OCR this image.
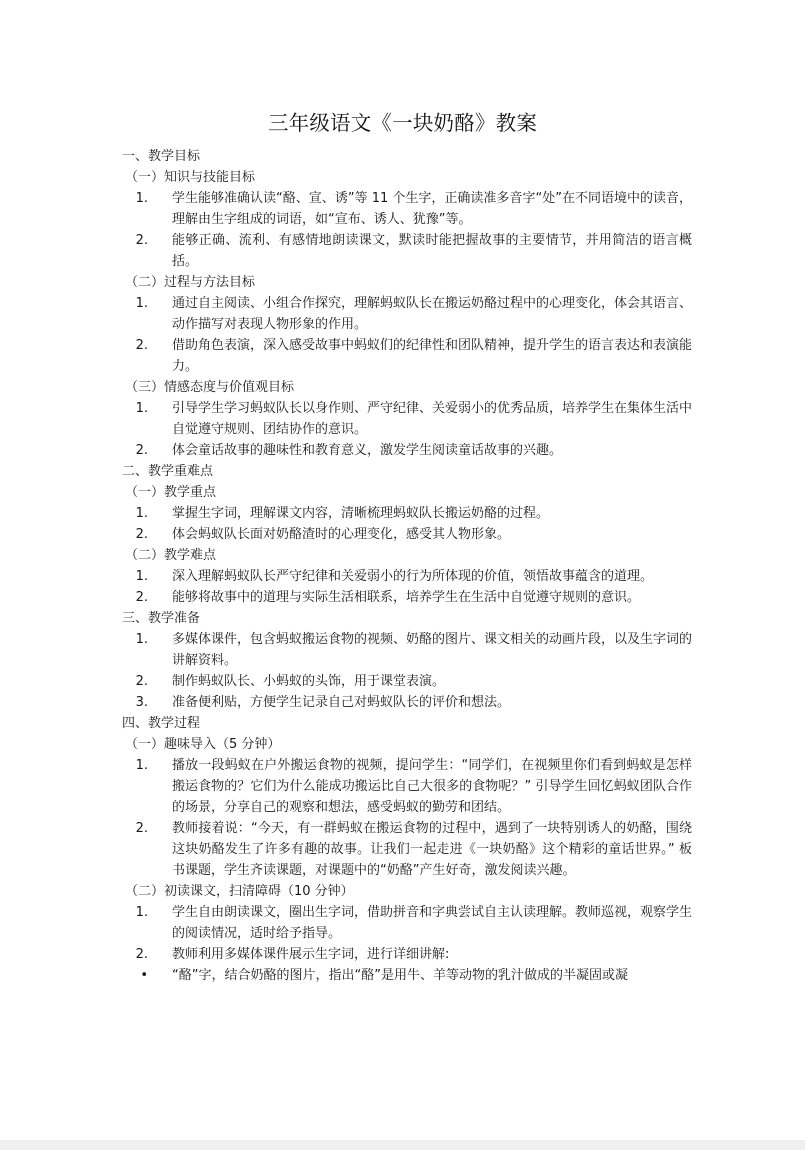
三年级语文《一块奶酪》教案
一、教学目标
（一）知识与技能目标
1.	学生能够准确认读“酪、宣、诱”等 11 个生字，正确读准多音字“处”在不同语境中的读音，理解由生字组成的词语，如“宣布、诱人、犹豫”等。
2.	能够正确、流利、有感情地朗读课文，默读时能把握故事的主要情节，并用简洁的语言概括。
（二）过程与方法目标
1.	通过自主阅读、小组合作探究，理解蚂蚁队长在搬运奶酪过程中的心理变化，体会其语言、动作描写对表现人物形象的作用。
2.	借助角色表演，深入感受故事中蚂蚁们的纪律性和团队精神，提升学生的语言表达和表演能力。
（三）情感态度与价值观目标
1.	引导学生学习蚂蚁队长以身作则、严守纪律、关爱弱小的优秀品质，培养学生在集体生活中自觉遵守规则、团结协作的意识。
2.	体会童话故事的趣味性和教育意义，激发学生阅读童话故事的兴趣。
二、教学重难点
（一）教学重点
1.	掌握生字词，理解课文内容，清晰梳理蚂蚁队长搬运奶酪的过程。
2.	体会蚂蚁队长面对奶酪渣时的心理变化，感受其人物形象。
（二）教学难点
1.	深入理解蚂蚁队长严守纪律和关爱弱小的行为所体现的价值，领悟故事蕴含的道理。
2.	能够将故事中的道理与实际生活相联系，培养学生在生活中自觉遵守规则的意识。
三、教学准备
1.	多媒体课件，包含蚂蚁搬运食物的视频、奶酪的图片、课文相关的动画片段，以及生字词的讲解资料。
2.	制作蚂蚁队长、小蚂蚁的头饰，用于课堂表演。
3.	准备便利贴，方便学生记录自己对蚂蚁队长的评价和想法。
四、教学过程
（一）趣味导入（5 分钟）
1.	播放一段蚂蚁在户外搬运食物的视频，提问学生：“同学们，在视频里你们看到蚂蚁是怎样搬运食物的？它们为什么能成功搬运比自己大很多的食物呢？” 引导学生回忆蚂蚁团队合作的场景，分享自己的观察和想法，感受蚂蚁的勤劳和团结。
2.	教师接着说：“今天，有一群蚂蚁在搬运食物的过程中，遇到了一块特别诱人的奶酪，围绕这块奶酪发生了许多有趣的故事。让我们一起走进《一块奶酪》这个精彩的童话世界。” 板书课题，学生齐读课题，对课题中的“奶酪”产生好奇，激发阅读兴趣。
（二）初读课文，扫清障碍（10 分钟）
1.	学生自由朗读课文，圈出生字词，借助拼音和字典尝试自主认读理解。教师巡视，观察学生的阅读情况，适时给予指导。
2.	教师利用多媒体课件展示生字词，进行详细讲解:
•	“酪”字，结合奶酪的图片，指出“酪”是用牛、羊等动物的乳汁做成的半凝固或凝
